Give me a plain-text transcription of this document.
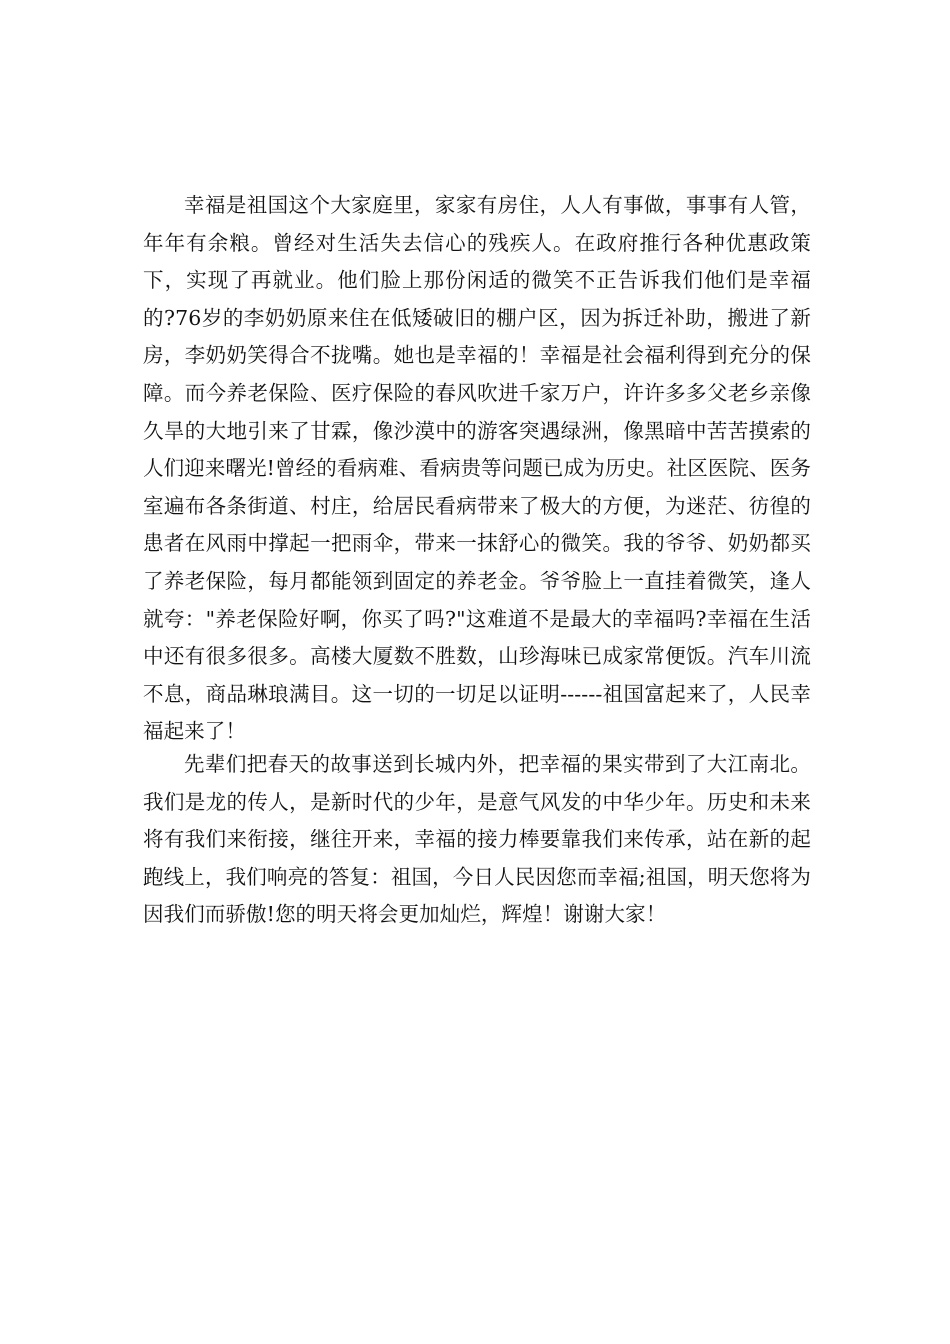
幸福是祖国这个大家庭里，家家有房住，人人有事做，事事有人管，年年有余粮。曾经对生活失去信心的残疾人。在政府推行各种优惠政策下，实现了再就业。他们脸上那份闲适的微笑不正告诉我们他们是幸福的?76岁的李奶奶原来住在低矮破旧的棚户区，因为拆迁补助，搬进了新房，李奶奶笑得合不拢嘴。她也是幸福的！幸福是社会福利得到充分的保障。而今养老保险、医疗保险的春风吹进千家万户，许许多多父老乡亲像久旱的大地引来了甘霖，像沙漠中的游客突遇绿洲，像黑暗中苦苦摸索的人们迎来曙光!曾经的看病难、看病贵等问题已成为历史。社区医院、医务室遍布各条街道、村庄，给居民看病带来了极大的方便，为迷茫、彷徨的患者在风雨中撑起一把雨伞，带来一抹舒心的微笑。我的爷爷、奶奶都买了养老保险，每月都能领到固定的养老金。爷爷脸上一直挂着微笑，逢人就夸："养老保险好啊，你买了吗?"这难道不是最大的幸福吗?幸福在生活中还有很多很多。高楼大厦数不胜数，山珍海味已成家常便饭。汽车川流不息，商品琳琅满目。这一切的一切足以证明------祖国富起来了，人民幸福起来了！

先辈们把春天的故事送到长城内外，把幸福的果实带到了大江南北。我们是龙的传人，是新时代的少年，是意气风发的中华少年。历史和未来将有我们来衔接，继往开来，幸福的接力棒要靠我们来传承，站在新的起跑线上，我们响亮的答复：祖国，今日人民因您而幸福;祖国，明天您将为因我们而骄傲!您的明天将会更加灿烂，辉煌！谢谢大家！
